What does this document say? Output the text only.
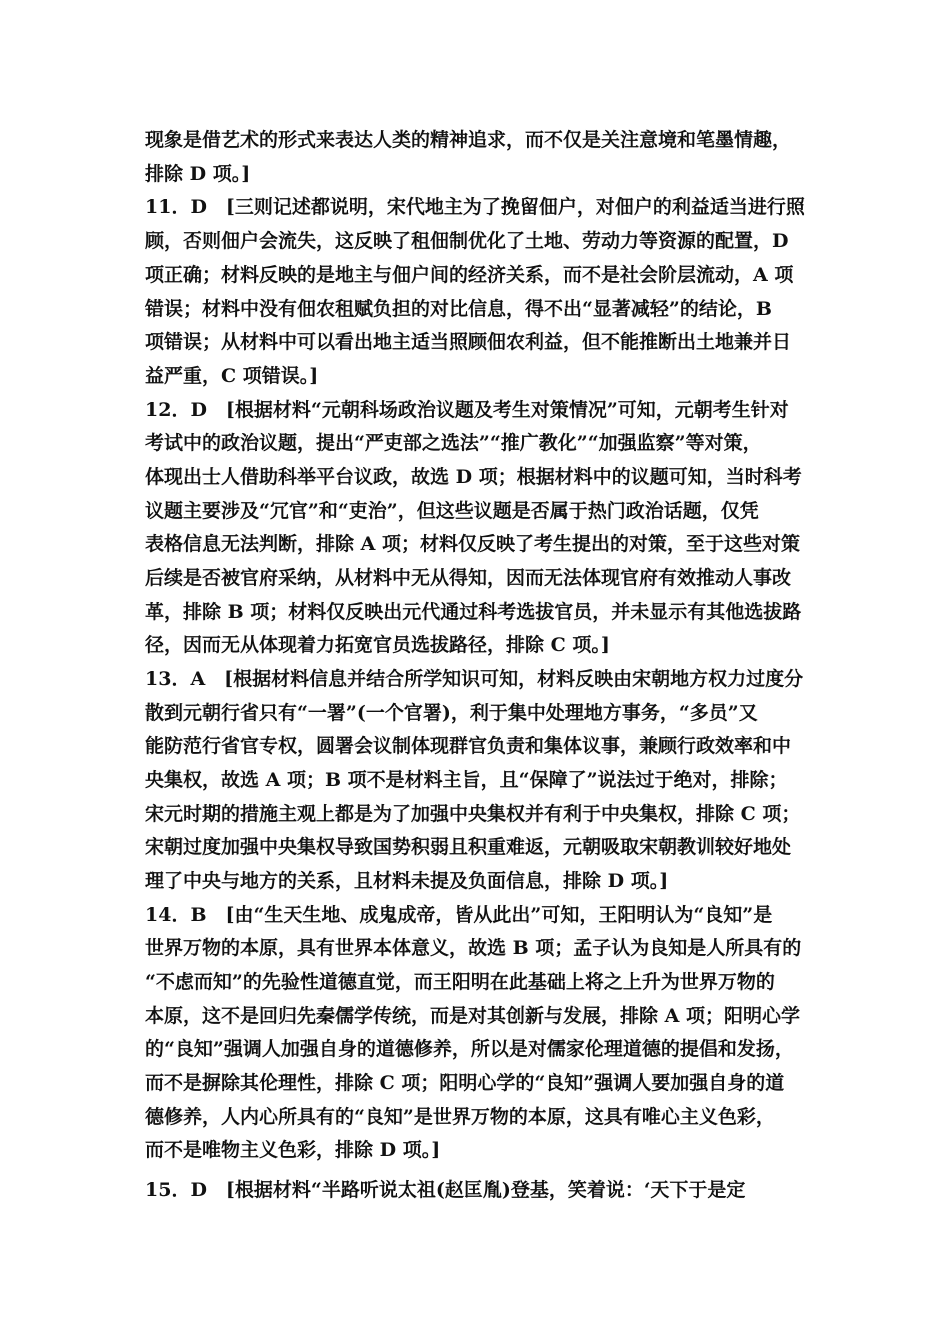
现象是借艺术的形式来表达人类的精神追求，而不仅是关注意境和笔墨情趣，

排除 D 项。]

11．D　[三则记述都说明，宋代地主为了挽留佃户，对佃户的利益适当进行照

顾，否则佃户会流失，这反映了租佃制优化了土地、劳动力等资源的配置，D

项正确；材料反映的是地主与佃户间的经济关系，而不是社会阶层流动，A 项

错误；材料中没有佃农租赋负担的对比信息，得不出“显著减轻”的结论，B

项错误；从材料中可以看出地主适当照顾佃农利益，但不能推断出土地兼并日

益严重，C 项错误。]

12．D　[根据材料“元朝科场政治议题及考生对策情况”可知，元朝考生针对

考试中的政治议题，提出“严吏部之选法”“推广教化”“加强监察”等对策，

体现出士人借助科举平台议政，故选 D 项；根据材料中的议题可知，当时科考

议题主要涉及“冗官”和“吏治”，但这些议题是否属于热门政治话题，仅凭

表格信息无法判断，排除 A 项；材料仅反映了考生提出的对策，至于这些对策

后续是否被官府采纳，从材料中无从得知，因而无法体现官府有效推动人事改

革，排除 B 项；材料仅反映出元代通过科考选拔官员，并未显示有其他选拔路

径，因而无从体现着力拓宽官员选拔路径，排除 C 项。]

13．A　[根据材料信息并结合所学知识可知，材料反映由宋朝地方权力过度分

散到元朝行省只有“一署”(一个官署)，利于集中处理地方事务，“多员”又

能防范行省官专权，圆署会议制体现群官负责和集体议事，兼顾行政效率和中

央集权，故选 A 项；B 项不是材料主旨，且“保障了”说法过于绝对，排除；

宋元时期的措施主观上都是为了加强中央集权并有利于中央集权，排除 C 项；

宋朝过度加强中央集权导致国势积弱且积重难返，元朝吸取宋朝教训较好地处

理了中央与地方的关系，且材料未提及负面信息，排除 D 项。]

14．B　[由“生天生地、成鬼成帝，皆从此出”可知，王阳明认为“良知”是

世界万物的本原，具有世界本体意义，故选 B 项；孟子认为良知是人所具有的

“不虑而知”的先验性道德直觉，而王阳明在此基础上将之上升为世界万物的

本原，这不是回归先秦儒学传统，而是对其创新与发展，排除 A 项；阳明心学

的“良知”强调人加强自身的道德修养，所以是对儒家伦理道德的提倡和发扬，

而不是摒除其伦理性，排除 C 项；阳明心学的“良知”强调人要加强自身的道

德修养，人内心所具有的“良知”是世界万物的本原，这具有唯心主义色彩，

而不是唯物主义色彩，排除 D 项。]

15．D　[根据材料“半路听说太祖(赵匡胤)登基，笑着说：‘天下于是定
